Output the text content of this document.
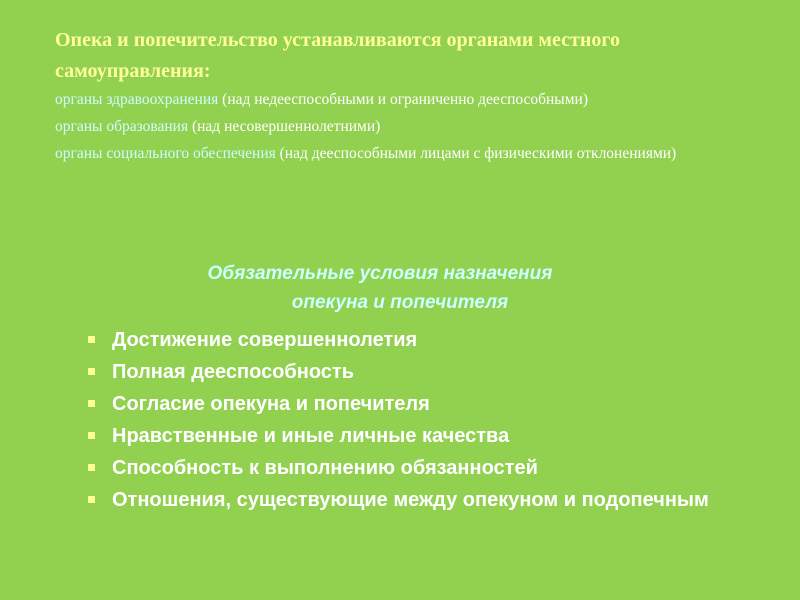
Опека и попечительство устанавливаются органами местного самоуправления:
органы здравоохранения (над недееспособными и ограниченно дееспособными)
органы образования (над несовершеннолетними)
органы социального обеспечения (над дееспособными лицами с физическими отклонениями)
Обязательные условия назначения
опекуна и попечителя
Достижение совершеннолетия
Полная дееспособность
Согласие опекуна и попечителя
Нравственные и иные личные качества
Способность к выполнению обязанностей
Отношения, существующие между опекуном и подопечным
